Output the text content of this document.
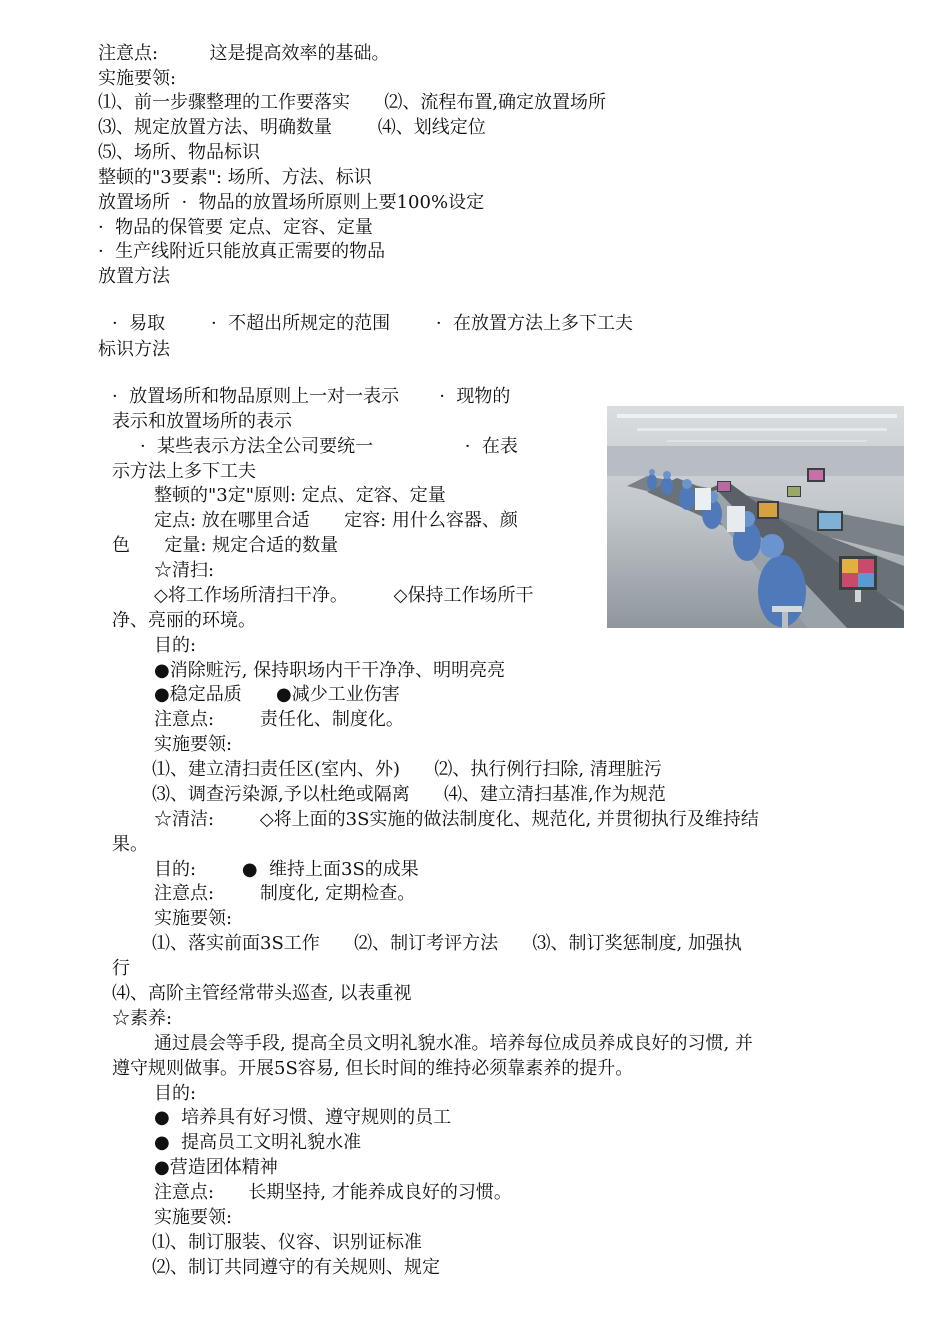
注意点:         这是提高效率的基础。
实施要领:
⑴、前一步骤整理的工作要落实      ⑵、流程布置,确定放置场所
⑶、规定放置方法、明确数量        ⑷、划线定位
⑸、场所、物品标识
整顿的"3要素": 场所、方法、标识
放置场所  ·  物品的放置场所原则上要100%设定
·  物品的保管要 定点、定容、定量
·  生产线附近只能放真正需要的物品
放置方法
·  易取        ·  不超出所规定的范围        ·  在放置方法上多下工夫
标识方法
·  放置场所和物品原则上一对一表示       ·  现物的
表示和放置场所的表示
·  某些表示方法全公司要统一                ·  在表
示方法上多下工夫
整顿的"3定"原则: 定点、定容、定量
定点: 放在哪里合适      定容: 用什么容器、颜
色      定量: 规定合适的数量
☆清扫:
◇将工作场所清扫干净。        ◇保持工作场所干
净、亮丽的环境。
目的:
●消除赃污, 保持职场内干干净净、明明亮亮
●稳定品质      ●减少工业伤害
注意点:        责任化、制度化。
实施要领:
⑴、建立清扫责任区(室内、外)      ⑵、执行例行扫除, 清理脏污
⑶、调查污染源,予以杜绝或隔离      ⑷、建立清扫基准,作为规范
☆清洁:        ◇将上面的3S实施的做法制度化、规范化, 并贯彻执行及维持结
果。
目的:        ●  维持上面3S的成果
注意点:        制度化, 定期检查。
实施要领:
⑴、落实前面3S工作      ⑵、制订考评方法      ⑶、制订奖惩制度, 加强执
行
⑷、高阶主管经常带头巡查, 以表重视
☆素养:
通过晨会等手段, 提高全员文明礼貌水准。培养每位成员养成良好的习惯, 并
遵守规则做事。开展5S容易, 但长时间的维持必须靠素养的提升。
目的:
●  培养具有好习惯、遵守规则的员工
●  提高员工文明礼貌水准
●营造团体精神
注意点:      长期坚持, 才能养成良好的习惯。
实施要领:
⑴、制订服装、仪容、识别证标准
⑵、制订共同遵守的有关规则、规定
